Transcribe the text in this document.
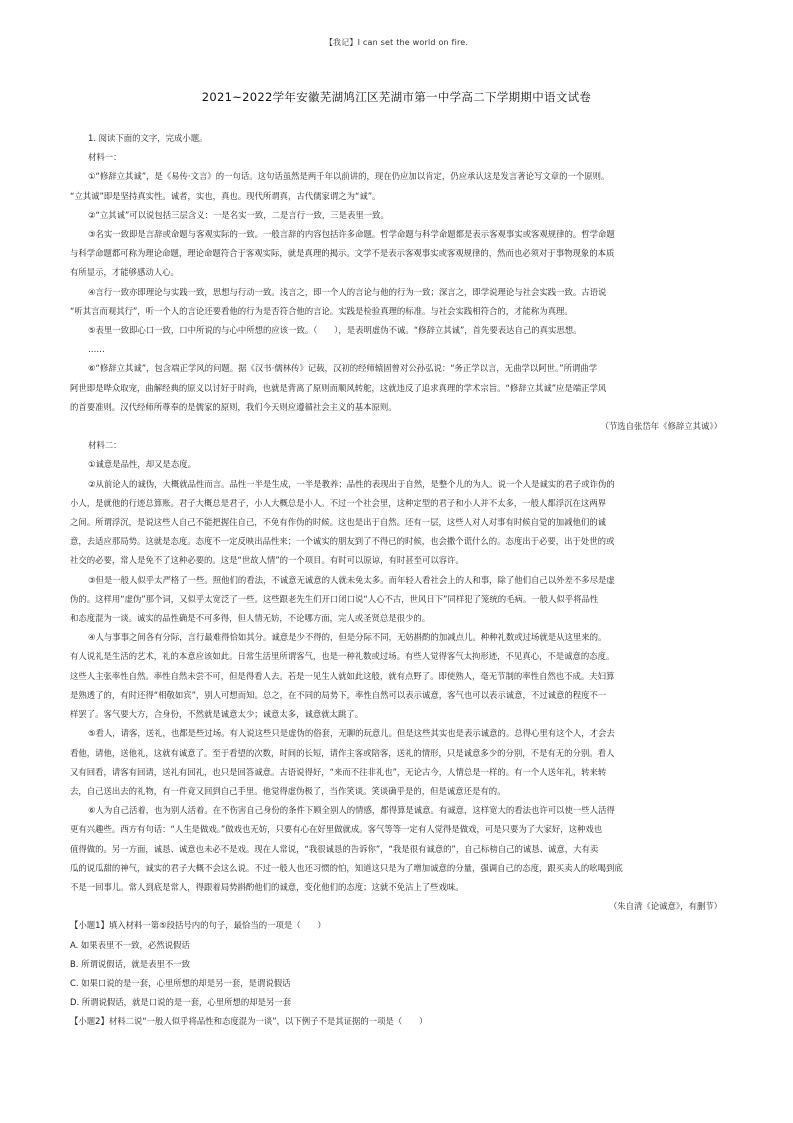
【我记】I can set the world on fire.
2021~2022学年安徽芜湖鸠江区芜湖市第一中学高二下学期期中语文试卷

1. 阅读下面的文字，完成小题。

材料一：

①“修辞立其诚”，是《易传·文言》的一句话。这句话虽然是两千年以前讲的，现在仍应加以肯定，仍应承认这是发言著论写文章的一个原则。

“立其诚”即是坚持真实性。诚者，实也，真也。现代所谓真，古代儒家谓之为“诚”。

②“立其诚”可以说包括三层含义：一是名实一致，二是言行一致，三是表里一致。

③名实一致即是言辞或命题与客观实际的一致。一般言辞的内容包括许多命题。哲学命题与科学命题都是表示客观事实或客观规律的。哲学命题

与科学命题都可称为理论命题，理论命题符合于客观实际，就是真理的揭示。文学不是表示客观事实或客观规律的，然而也必须对于事物现象的本质

有所显示，才能够感动人心。

④言行一致亦即理论与实践一致，思想与行动一致。浅言之，即一个人的言论与他的行为一致；深言之，即学说理论与社会实践一致。古语说

“听其言而观其行”，听一个人的言论还要看他的行为是否符合他的言论。实践是检验真理的标准。与社会实践相符合的，才能称为真理。

⑤表里一致即心口一致，口中所说的与心中所想的应该一致。（　　），是表明虚伪不诚。“修辞立其诚”，首先要表达自己的真实思想。

……

⑥“修辞立其诚”，包含端正学风的问题。据《汉书·儒林传》记载，汉初的经师辕固曾对公孙弘说：“务正学以言，无曲学以阿世。”所谓曲学

阿世即是哗众取宠，曲解经典的原义以讨好于时尚，也就是背离了原则而顺风转舵，这就违反了追求真理的学术宗旨。“修辞立其诚”应是端正学风

的首要准则。汉代经师所尊奉的是儒家的原则，我们今天则应遵循社会主义的基本原则。

（节选自张岱年《修辞立其诚》）

材料二：

①诚意是品性，却又是态度。

②从前论人的诚伪，大概就品性而言。品性一半是生成，一半是教养；品性的表现出于自然，是整个儿的为人。说一个人是诚实的君子或诈伪的

小人，是就他的行迹总算账。君子大概总是君子，小人大概总是小人。不过一个社会里，这种定型的君子和小人并不太多，一般人都浮沉在这两界

之间。所谓浮沉，是说这些人自己不能把握住自己，不免有作伪的时候。这也是出于自然。还有一层，这些人对人对事有时候自觉的加减他们的诚

意，去适应那局势。这就是态度。态度不一定反映出品性来；一个诚实的朋友到了不得已的时候，也会撒个谎什么的。态度出于必要，出于处世的或

社交的必要，常人是免不了这种必要的。这是“世故人情”的一个项目。有时可以原谅，有时甚至可以容许。

③但是一般人似乎太严格了一些。照他们的看法，不诚意无诚意的人就未免太多。而年轻人看社会上的人和事，除了他们自己以外差不多尽是虚

伪的。这样用“虚伪”那个词，又似乎太宽泛了一些。这些跟老先生们开口闭口说“人心不古，世风日下”同样犯了笼统的毛病。一般人似乎将品性

和态度混为一谈。诚实的品性确是不可多得，但人情无妨，不论哪方面，完人或圣贤总是很少的。

④人与事事之间各有分际，言行最难得恰如其分。诚意是少不得的，但是分际不同，无妨斟酌的加减点儿。种种礼数或过场就是从这里来的。

有人说礼是生活的艺术，礼的本意应该如此。日常生活里所谓客气，也是一种礼数或过场。有些人觉得客气太拘形迹，不见真心，不是诚意的态度。

这些人主张率性自然。率性自然未尝不可，但是得看人去。若是一见生人就如此这般，就有点野了。即使熟人，毫无节制的率性自然也不成。夫妇算

是熟透了的，有时还得“相敬如宾”，别人可想而知。总之，在不同的局势下，率性自然可以表示诚意，客气也可以表示诚意，不过诚意的程度不一

样罢了。客气要大方，合身份，不然就是诚意太少；诚意太多，诚意就太跳了。

⑤看人，请客，送礼，也都是些过场。有人说这些只是虚伪的俗套，无聊的玩意儿。但是这些其实也是表示诚意的。总得心里有这个人，才会去

看他，请他，送他礼，这就有诚意了。至于看望的次数，时间的长短，请作主客或陪客，送礼的情形，只是诚意多少的分别，不是有无的分别。看人

又有回看，请客有回请，送礼有回礼，也只是回答诚意。古语说得好，“来而不往非礼也”，无论古今，人情总是一样的。有一个人送年礼，转来转

去，自己送出去的礼物，有一件竟又回到自己手里。他觉得虚伪极了，当作笑谈。笑谈确乎是的，但是诚意还是有的。

⑥人为自己活着，也为别人活着。在不伤害自己身份的条件下顾全别人的情感，都得算是诚意。有诚意，这样宽大的看法也许可以使一些人活得

更有兴趣些。西方有句话：“人生是做戏。”做戏也无妨，只要有心在好里做就成。客气等等一定有人觉得是做戏，可是只要为了大家好，这种戏也

值得做的。另一方面，诚恳、诚意也未必不是戏。现在人常说，“我很诚恳的告诉你”，“我是很有诚意的”，自己标榜自己的诚恳、诚意，大有卖

瓜的说瓜甜的神气，诚实的君子大概不会这么说。不过一般人也还习惯的怕，知道这只是为了增加诚意的分量，强调自己的态度，跟买卖人的吆喝到底

不是一回事儿。常人到底是常人，得跟着局势斟酌他们的诚意，变化他们的态度；这就不免沾上了些戏味。

（朱自清《论诚意》，有删节）

【小题1】填入材料一第⑤段括号内的句子，最恰当的一项是（　　）

A. 如果表里不一致，必然说假话

B. 所谓说假话，就是表里不一致

C. 如果口说的是一套，心里所想的却是另一套，是谓说假话

D. 所谓说假话，就是口说的是一套，心里所想的却是另一套

【小题2】材料二说“一般人似乎将品性和态度混为一谈”，以下例子不是其证据的一项是（　　）
